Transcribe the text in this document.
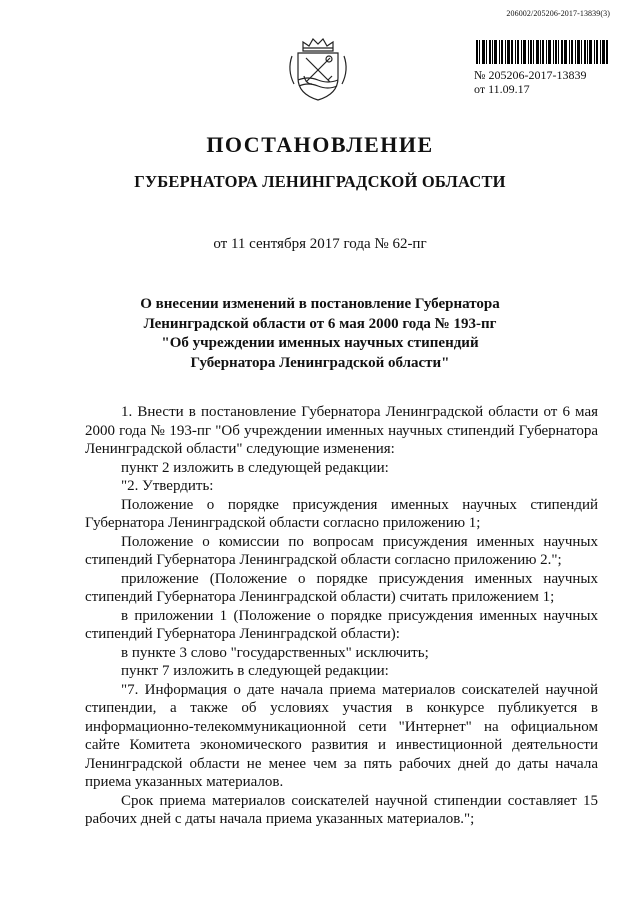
206002/205206-2017-13839(3)
№ 205206-2017-13839
от 11.09.17
ПОСТАНОВЛЕНИЕ
ГУБЕРНАТОРА ЛЕНИНГРАДСКОЙ ОБЛАСТИ
от 11 сентября 2017 года № 62-пг
О внесении изменений в постановление Губернатора
Ленинградской области от 6 мая 2000 года № 193-пг
"Об учреждении именных научных стипендий
Губернатора Ленинградской области"

1. Внести в постановление Губернатора Ленинградской области от 6 мая 2000 года № 193-пг "Об учреждении именных научных стипендий Губернатора Ленинградской области" следующие изменения:

пункт 2 изложить в следующей редакции:

"2. Утвердить:

Положение о порядке присуждения именных научных стипендий Губернатора Ленинградской области согласно приложению 1;

Положение о комиссии по вопросам присуждения именных научных стипендий Губернатора Ленинградской области согласно приложению 2.";

приложение (Положение о порядке присуждения именных научных стипендий Губернатора Ленинградской области) считать приложением 1;

в приложении 1 (Положение о порядке присуждения именных научных стипендий Губернатора Ленинградской области):

в пункте 3 слово "государственных" исключить;

пункт 7 изложить в следующей редакции:

"7. Информация о дате начала приема материалов соискателей научной стипендии, а также об условиях участия в конкурсе публикуется в информационно-телекоммуникационной сети "Интернет" на официальном сайте Комитета экономического развития и инвестиционной деятельности Ленинградской области не менее чем за пять рабочих дней до даты начала приема указанных материалов.

Срок приема материалов соискателей научной стипендии составляет 15 рабочих дней с даты начала приема указанных материалов.";
